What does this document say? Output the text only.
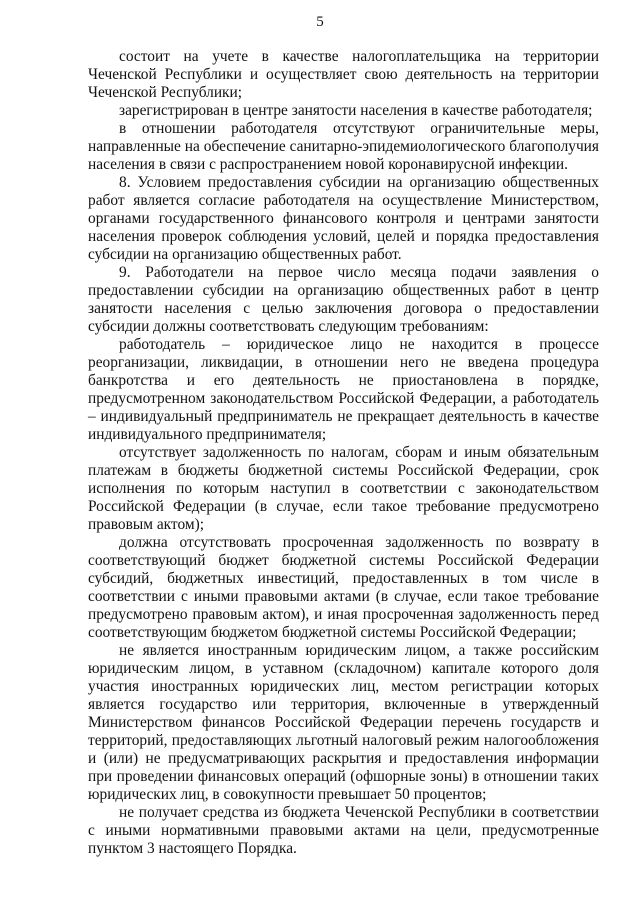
5

состоит на учете в качестве налогоплательщика на территории Чеченской Республики и осуществляет свою деятельность на территории Чеченской Республики;

зарегистрирован в центре занятости населения в качестве работодателя;

в отношении работодателя отсутствуют ограничительные меры, направленные на обеспечение санитарно-эпидемиологического благополучия населения в связи с распространением новой коронавирусной инфекции.

8. Условием предоставления субсидии на организацию общественных работ является согласие работодателя на осуществление Министерством, органами государственного финансового контроля и центрами занятости населения проверок соблюдения условий, целей и порядка предоставления субсидии на организацию общественных работ.

9. Работодатели на первое число месяца подачи заявления о предоставлении субсидии на организацию общественных работ в центр занятости населения с целью заключения договора о предоставлении субсидии должны соответствовать следующим требованиям:

работодатель – юридическое лицо не находится в процессе реорганизации, ликвидации, в отношении него не введена процедура банкротства и его деятельность не приостановлена в порядке, предусмотренном законодательством Российской Федерации, а работодатель – индивидуальный предприниматель не прекращает деятельность в качестве индивидуального предпринимателя;

отсутствует задолженность по налогам, сборам и иным обязательным платежам в бюджеты бюджетной системы Российской Федерации, срок исполнения по которым наступил в соответствии с законодательством Российской Федерации (в случае, если такое требование предусмотрено правовым актом);

должна отсутствовать просроченная задолженность по возврату в соответствующий бюджет бюджетной системы Российской Федерации субсидий, бюджетных инвестиций, предоставленных в том числе в соответствии с иными правовыми актами (в случае, если такое требование предусмотрено правовым актом), и иная просроченная задолженность перед соответствующим бюджетом бюджетной системы Российской Федерации;

не является иностранным юридическим лицом, а также российским юридическим лицом, в уставном (складочном) капитале которого доля участия иностранных юридических лиц, местом регистрации которых является государство или территория, включенные в утвержденный Министерством финансов Российской Федерации перечень государств и территорий, предоставляющих льготный налоговый режим налогообложения и (или) не предусматривающих раскрытия и предоставления информации при проведении финансовых операций (офшорные зоны) в отношении таких юридических лиц, в совокупности превышает 50 процентов;

не получает средства из бюджета Чеченской Республики в соответствии с иными нормативными правовыми актами на цели, предусмотренные пунктом 3 настоящего Порядка.
